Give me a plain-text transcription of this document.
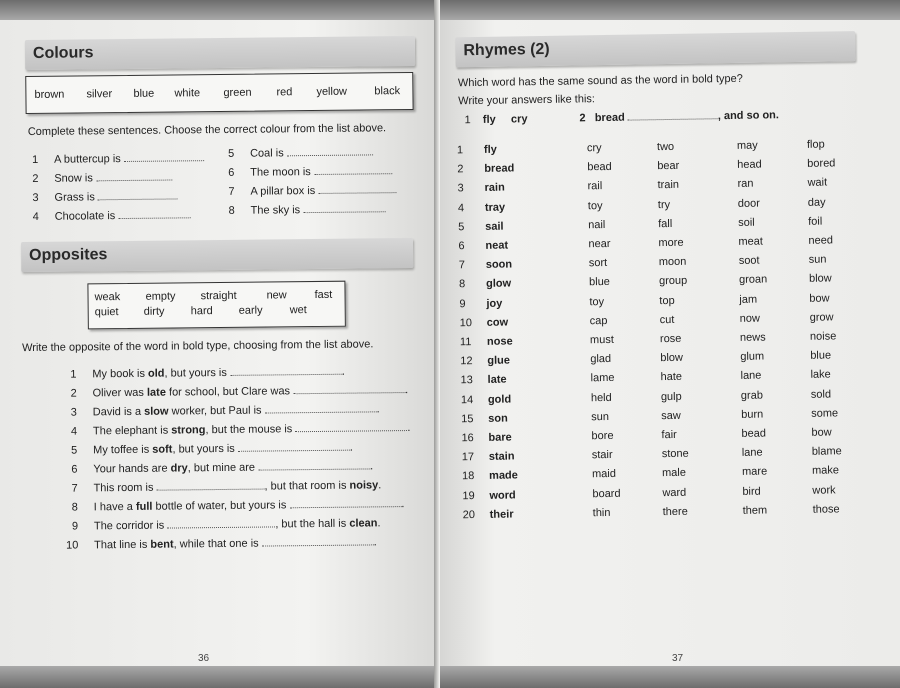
Colours
brown silver blue white green red yellow black
Complete these sentences. Choose the correct colour from the list above.
1 A buttercup is
2 Snow is
3 Grass is
4 Chocolate is
5 Coal is
6 The moon is
7 A pillar box is
8 The sky is
Opposites
weak empty straight	new	fast
quiet dirty hard early wet
Write the opposite of the word in bold type, choosing from the list above.
1 My book is old, but yours is	.
2 Oliver was late for school, but Clare was	.
3 David is a slow worker, but Paul is	.
4 The elephant is strong, but the mouse is	.
5 My toffee is soft, but yours is	.
6 Your hands are dry, but mine are	.
7 This room is	, but that room is noisy.
8 I have a full bottle of water, but yours is	.
9 The corridor is	, but the hall is clean.
10 That line is bent, while that one is	.
36
Rhymes (2)
Which word has the same sound as the word in bold type?
Write your answers like this:
1 fly cry	2 bread	, and so on.
1 fly	cry	two	may	flop
2 bread	bead	bear	head	bored
3 rain	rail	train	ran	wait
4 tray	toy	try	door	day
5 sail	nail	fall	soil	foil
6 neat	near	more	meat	need
7 soon	sort	moon	soot	sun
8 glow	blue	group	groan	blow
9 joy	toy	top	jam	bow
10 cow	cap	cut	now	grow
11 nose	must	rose	news	noise
12 glue	glad	blow	glum	blue
13 late	lame	hate	lane	lake
14 gold	held	gulp	grab	sold
15 son	sun	saw	burn	some
16 bare	bore	fair	bead	bow
17 stain	stair	stone	lane	blame
18 made	maid	male	mare	make
19 word	board	ward	bird	work
20 their	thin	there	them	those
37
